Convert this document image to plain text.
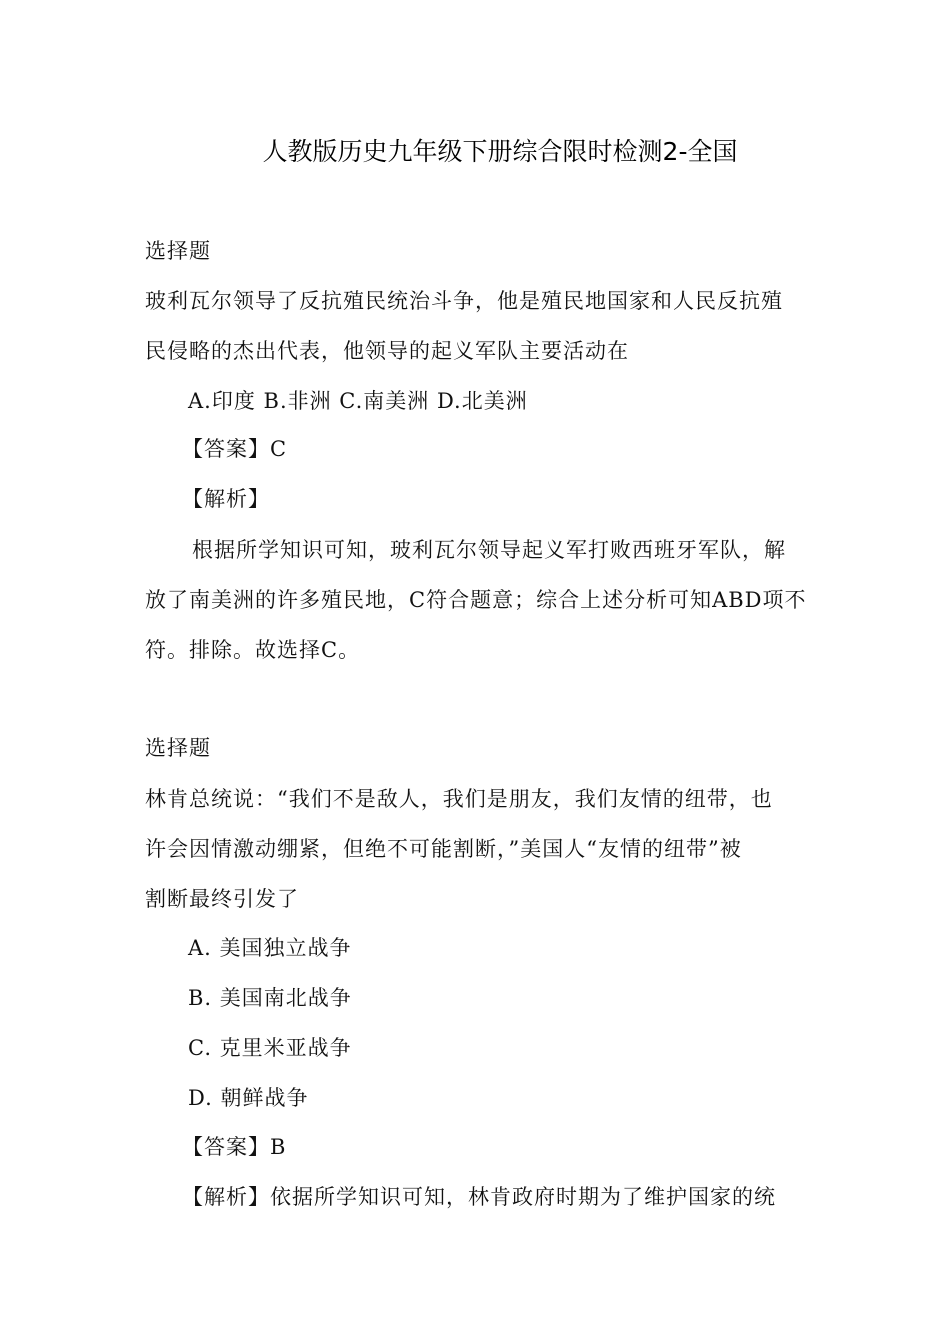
人教版历史九年级下册综合限时检测2-全国
选择题
玻利瓦尔领导了反抗殖民统治斗争，他是殖民地国家和人民反抗殖
民侵略的杰出代表，他领导的起义军队主要活动在
A.印度 B.非洲 C.南美洲 D.北美洲
【答案】C
【解析】
根据所学知识可知，玻利瓦尔领导起义军打败西班牙军队，解
放了南美洲的许多殖民地，C符合题意；综合上述分析可知ABD项不
符。排除。故选择C。
选择题
林肯总统说：“我们不是敌人，我们是朋友，我们友情的纽带，也
许会因情激动绷紧，但绝不可能割断，”美国人“友情的纽带”被
割断最终引发了
A. 美国独立战争
B. 美国南北战争
C. 克里米亚战争
D. 朝鲜战争
【答案】B
【解析】依据所学知识可知，林肯政府时期为了维护国家的统
